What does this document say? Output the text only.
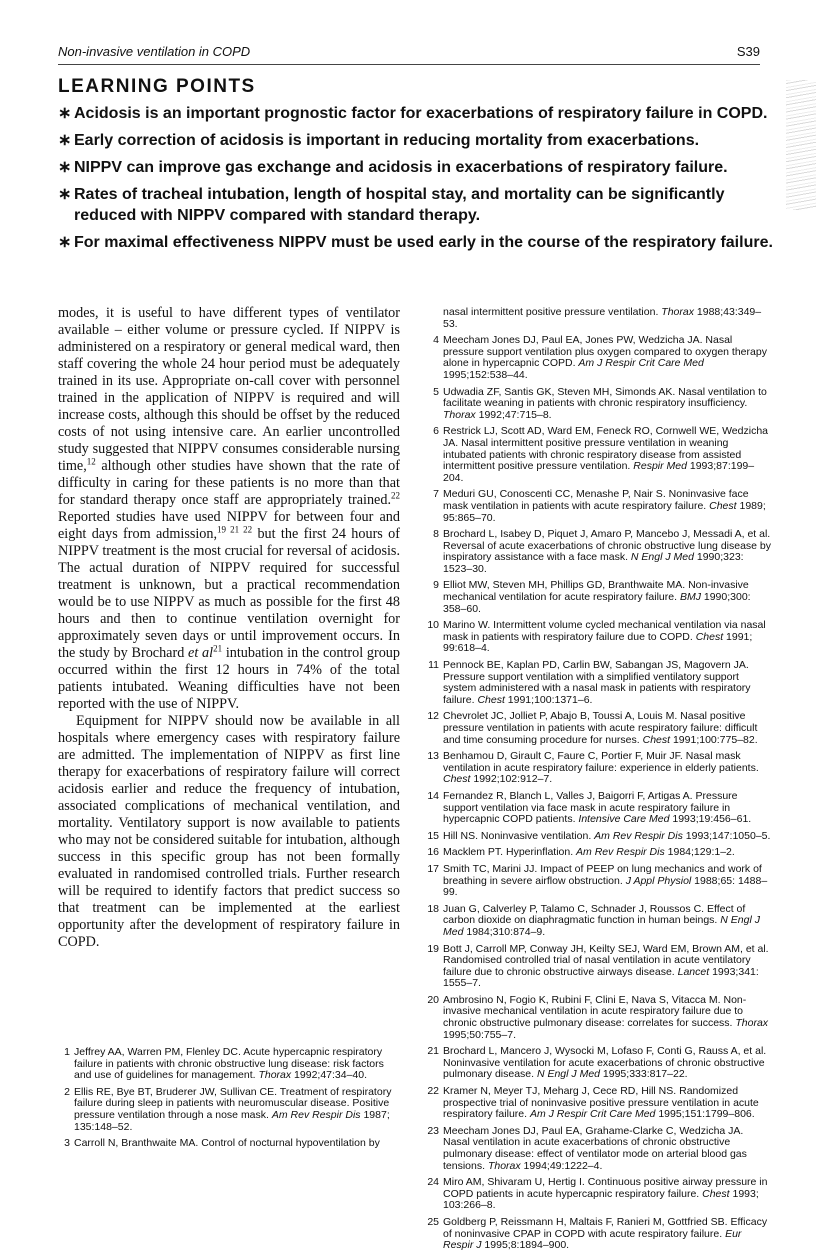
Non-invasive ventilation in COPD	S39
LEARNING POINTS
∗ Acidosis is an important prognostic factor for exacerbations of respiratory failure in COPD.
∗ Early correction of acidosis is important in reducing mortality from exacerbations.
∗ NIPPV can improve gas exchange and acidosis in exacerbations of respiratory failure.
∗ Rates of tracheal intubation, length of hospital stay, and mortality can be significantly reduced with NIPPV compared with standard therapy.
∗ For maximal effectiveness NIPPV must be used early in the course of the respiratory failure.

modes, it is useful to have different types of ventilator available – either volume or pressure cycled. If NIPPV is administered on a respiratory or general medical ward, then staff covering the whole 24 hour period must be adequately trained in its use. Appropriate on-call cover with personnel trained in the application of NIPPV is required and will increase costs, although this should be offset by the reduced costs of not using intensive care. An earlier uncontrolled study suggested that NIPPV consumes considerable nursing time,$^{12}$ although other studies have shown that the rate of difficulty in caring for these patients is no more than that for standard therapy once staff are appropriately trained.$^{22}$ Reported studies have used NIPPV for between four and eight days from admission,$^{19 21 22}$ but the first 24 hours of NIPPV treatment is the most crucial for reversal of acidosis. The actual duration of NIPPV required for successful treatment is unknown, but a practical recommendation would be to use NIPPV as much as possible for the first 48 hours and then to continue ventilation overnight for approximately seven days or until improvement occurs. In the study by Brochard et $al^{21}$ intubation in the control group occurred within the first 12 hours in 74% of the total patients intubated. Weaning difficulties have not been reported with the use of NIPPV.

Equipment for NIPPV should now be available in all hospitals where emergency cases with respiratory failure are admitted. The implementation of NIPPV as first line therapy for exacerbations of respiratory failure will correct acidosis earlier and reduce the frequency of intubation, associated complications of mechanical ventilation, and mortality. Ventilatory support is now available to patients who may not be considered suitable for intubation, although success in this specific group has not been formally evaluated in randomised controlled trials. Further research will be required to identify factors that predict success so that treatment can be implemented at the earliest opportunity after the development of respiratory failure in COPD.

1 Jeffrey AA, Warren PM, Flenley DC. Acute hypercapnic respiratory failure in patients with chronic obstructive lung disease: risk factors and use of guidelines for management. Thorax 1992;47:34–40.
2 Ellis RE, Bye BT, Bruderer JW, Sullivan CE. Treatment of respiratory failure during sleep in patients with neuromuscular disease. Positive pressure ventilation through a nose mask. Am Rev Respir Dis 1987; 135:148–52.
3 Carroll N, Branthwaite MA. Control of nocturnal hypoventilation by
nasal intermittent positive pressure ventilation. Thorax 1988;43:349–53.
4 Meecham Jones DJ, Paul EA, Jones PW, Wedzicha JA. Nasal pressure support ventilation plus oxygen compared to oxygen therapy alone in hypercapnic COPD. Am J Respir Crit Care Med 1995;152:538–44.
5 Udwadia ZF, Santis GK, Steven MH, Simonds AK. Nasal ventilation to facilitate weaning in patients with chronic respiratory insufficiency. Thorax 1992;47:715–8.
6 Restrick LJ, Scott AD, Ward EM, Feneck RO, Cornwell WE, Wedzicha JA. Nasal intermittent positive pressure ventilation in weaning intubated patients with chronic respiratory disease from assisted intermittent positive pressure ventilation. Respir Med 1993;87:199–204.
7 Meduri GU, Conoscenti CC, Menashe P, Nair S. Noninvasive face mask ventilation in patients with acute respiratory failure. Chest 1989; 95:865–70.
8 Brochard L, Isabey D, Piquet J, Amaro P, Mancebo J, Messadi A, et al. Reversal of acute exacerbations of chronic obstructive lung disease by inspiratory assistance with a face mask. N Engl J Med 1990;323: 1523–30.
9 Elliot MW, Steven MH, Phillips GD, Branthwaite MA. Non-invasive mechanical ventilation for acute respiratory failure. BMJ 1990;300: 358–60.
10 Marino W. Intermittent volume cycled mechanical ventilation via nasal mask in patients with respiratory failure due to COPD. Chest 1991; 99:618–4.
11 Pennock BE, Kaplan PD, Carlin BW, Sabangan JS, Magovern JA. Pressure support ventilation with a simplified ventilatory support system administered with a nasal mask in patients with respiratory failure. Chest 1991;100:1371–6.
12 Chevrolet JC, Jolliet P, Abajo B, Toussi A, Louis M. Nasal positive pressure ventilation in patients with acute respiratory failure: difficult and time consuming procedure for nurses. Chest 1991;100:775–82.
13 Benhamou D, Girault C, Faure C, Portier F, Muir JF. Nasal mask ventilation in acute respiratory failure: experience in elderly patients. Chest 1992;102:912–7.
14 Fernandez R, Blanch L, Valles J, Baigorri F, Artigas A. Pressure support ventilation via face mask in acute respiratory failure in hypercapnic COPD patients. Intensive Care Med 1993;19:456–61.
15 Hill NS. Noninvasive ventilation. Am Rev Respir Dis 1993;147:1050–5.
16 Macklem PT. Hyperinflation. Am Rev Respir Dis 1984;129:1–2.
17 Smith TC, Marini JJ. Impact of PEEP on lung mechanics and work of breathing in severe airflow obstruction. J Appl Physiol 1988;65: 1488–99.
18 Juan G, Calverley P, Talamo C, Schnader J, Roussos C. Effect of carbon dioxide on diaphragmatic function in human beings. N Engl J Med 1984;310:874–9.
19 Bott J, Carroll MP, Conway JH, Keilty SEJ, Ward EM, Brown AM, et al. Randomised controlled trial of nasal ventilation in acute ventilatory failure due to chronic obstructive airways disease. Lancet 1993;341: 1555–7.
20 Ambrosino N, Fogio K, Rubini F, Clini E, Nava S, Vitacca M. Non-invasive mechanical ventilation in acute respiratory failure due to chronic obstructive pulmonary disease: correlates for success. Thorax 1995;50:755–7.
21 Brochard L, Mancero J, Wysocki M, Lofaso F, Conti G, Rauss A, et al. Noninvasive ventilation for acute exacerbations of chronic obstructive pulmonary disease. N Engl J Med 1995;333:817–22.
22 Kramer N, Meyer TJ, Meharg J, Cece RD, Hill NS. Randomized prospective trial of noninvasive positive pressure ventilation in acute respiratory failure. Am J Respir Crit Care Med 1995;151:1799–806.
23 Meecham Jones DJ, Paul EA, Grahame-Clarke C, Wedzicha JA. Nasal ventilation in acute exacerbations of chronic obstructive pulmonary disease: effect of ventilator mode on arterial blood gas tensions. Thorax 1994;49:1222–4.
24 Miro AM, Shivaram U, Hertig I. Continuous positive airway pressure in COPD patients in acute hypercapnic respiratory failure. Chest 1993; 103:266–8.
25 Goldberg P, Reissmann H, Maltais F, Ranieri M, Gottfried SB. Efficacy of noninvasive CPAP in COPD with acute respiratory failure. Eur Respir J 1995;8:1894–900.
